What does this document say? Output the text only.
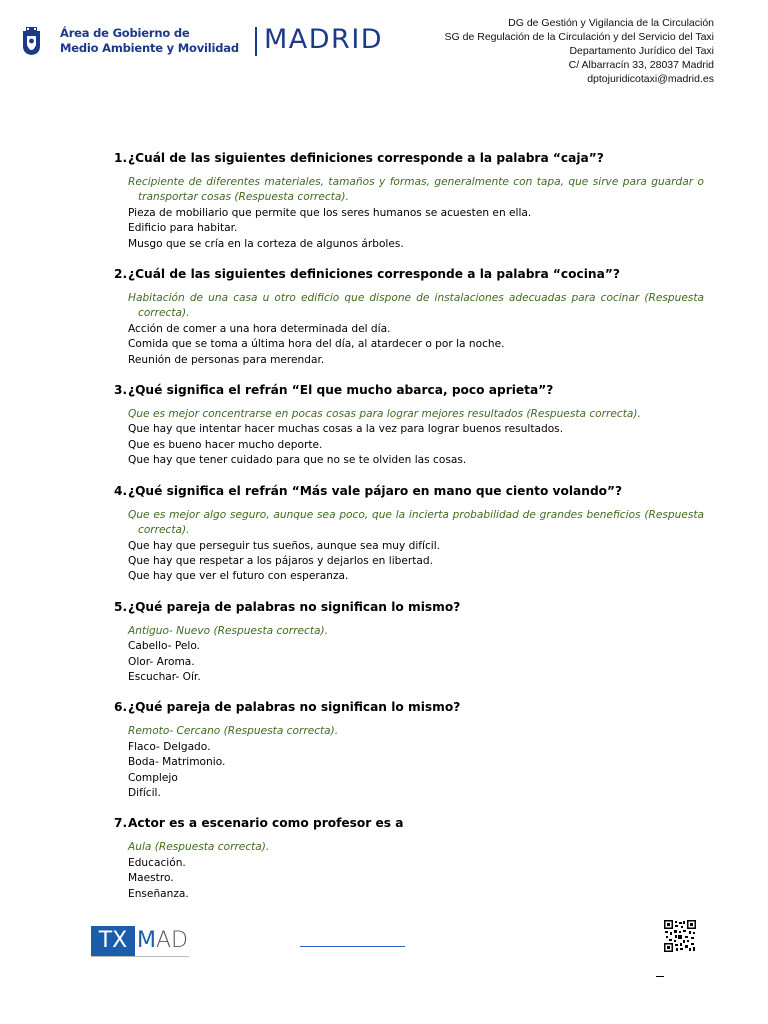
Área de Gobierno de
Medio Ambiente y Movilidad MADRID
DG de Gestión y Vigilancia de la Circulación
SG de Regulación de la Circulación y del Servicio del Taxi
Departamento Jurídico del Taxi
C/ Albarracín 33, 28037 Madrid
dptojuridicotaxi@madrid.es
1. ¿Cuál de las siguientes definiciones corresponde a la palabra “caja”?
Recipiente de diferentes materiales, tamaños y formas, generalmente con tapa, que sirve para guardar o transportar cosas (Respuesta correcta).
Pieza de mobiliario que permite que los seres humanos se acuesten en ella.
Edificio para habitar.
Musgo que se cría en la corteza de algunos árboles.
2. ¿Cuál de las siguientes definiciones corresponde a la palabra “cocina”?
Habitación de una casa u otro edificio que dispone de instalaciones adecuadas para cocinar (Respuesta correcta).
Acción de comer a una hora determinada del día.
Comida que se toma a última hora del día, al atardecer o por la noche.
Reunión de personas para merendar.
3. ¿Qué significa el refrán “El que mucho abarca, poco aprieta”?
Que es mejor concentrarse en pocas cosas para lograr mejores resultados (Respuesta correcta).
Que hay que intentar hacer muchas cosas a la vez para lograr buenos resultados.
Que es bueno hacer mucho deporte.
Que hay que tener cuidado para que no se te olviden las cosas.
4. ¿Qué significa el refrán “Más vale pájaro en mano que ciento volando”?
Que es mejor algo seguro, aunque sea poco, que la incierta probabilidad de grandes beneficios (Respuesta correcta).
Que hay que perseguir tus sueños, aunque sea muy difícil.
Que hay que respetar a los pájaros y dejarlos en libertad.
Que hay que ver el futuro con esperanza.
5. ¿Qué pareja de palabras no significan lo mismo?
Antiguo- Nuevo (Respuesta correcta).
Cabello- Pelo.
Olor- Aroma.
Escuchar- Oír.
6. ¿Qué pareja de palabras no significan lo mismo?
Remoto- Cercano (Respuesta correcta).
Flaco- Delgado.
Boda- Matrimonio.
Complejo
Difícil.
7. Actor es a escenario como profesor es a
Aula (Respuesta correcta).
Educación.
Maestro.
Enseñanza.
TX MAD
